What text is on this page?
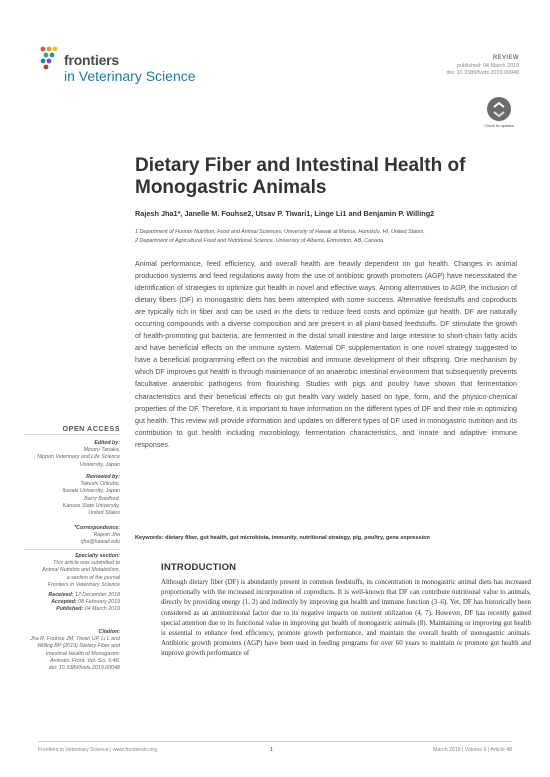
frontiers
in Veterinary Science
REVIEW
published: 04 March 2019
doi: 10.3389/fvets.2019.00048
Check for updates
Dietary Fiber and Intestinal Health of Monogastric Animals
Rajesh Jha1*, Janelle M. Fouhse2, Utsav P. Tiwari1, Linge Li1 and Benjamin P. Willing2
1 Department of Human Nutrition, Food and Animal Sciences, University of Hawaii at Manoa, Honolulu, HI, United States,
2 Department of Agricultural Food and Nutritional Science, University of Alberta, Edmonton, AB, Canada

Animal performance, feed efficiency, and overall health are heavily dependent on gut health. Changes in animal production systems and feed regulations away from the use of antibiotic growth promoters (AGP) have necessitated the identification of strategies to optimize gut health in novel and effective ways. Among alternatives to AGP, the inclusion of dietary fibers (DF) in monogastric diets has been attempted with some success. Alternative feedstuffs and coproducts are typically rich in fiber and can be used in the diets to reduce feed costs and optimize gut health. DF are naturally occurring compounds with a diverse composition and are present in all plant-based feedstuffs. DF stimulate the growth of health-promoting gut bacteria, are fermented in the distal small intestine and large intestine to short-chain fatty acids and have beneficial effects on the immune system. Maternal DF supplementation is one novel strategy suggested to have a beneficial programming effect on the microbial and immune development of their offspring. One mechanism by which DF improves gut health is through maintenance of an anaerobic intestinal environment that subsequently prevents facultative anaerobic pathogens from flourishing. Studies with pigs and poultry have shown that fermentation characteristics and their beneficial effects on gut health vary widely based on type, form, and the physico-chemical properties of the DF. Therefore, it is important to have information on the different types of DF and their role in optimizing gut health. This review will provide information and updates on different types of DF used in monogastric nutrition and its contribution to gut health including microbiology, fermentation characteristics, and innate and adaptive immune responses.

Keywords: dietary fiber, gut health, gut microbiota, immunity, nutritional strategy, pig, poultry, gene expression
OPEN ACCESS
Edited by:
Minoru Tanaka,
Nippon Veterinary and Life Science
University, Japan
Reviewed by:
Takeshi Ohkubo,
Ibaraki University, Japan
Barry Bradford,
Kansas State University,
United States
*Correspondence:
Rajesh Jha
rjha@hawaii.edu
Specialty section:
This article was submitted to
Animal Nutrition and Metabolism,
a section of the journal
Frontiers in Veterinary Science
Received: 17 December 2018
Accepted: 08 February 2019
Published: 04 March 2019
Citation:
Jha R, Fouhse JM, Tiwari UP, Li L and
Willing BP (2019) Dietary Fiber and
Intestinal Health of Monogastric
Animals. Front. Vet. Sci. 6:48.
doi: 10.3389/fvets.2019.00048
INTRODUCTION

Although dietary fiber (DF) is abundantly present in common feedstuffs, its concentration in monogastric animal diets has increased proportionally with the increased incorporation of coproducts. It is well-known that DF can contribute nutritional value to animals, directly by providing energy (1, 2) and indirectly by improving gut health and immune function (3–6). Yet, DF has historically been considered as an antinutritional factor due to its negative impacts on nutrient utilization (4, 7). However, DF has recently gained special attention due to its functional value in improving gut health of monogastric animals (8). Maintaining or improving gut health is essential to enhance feed efficiency, promote growth performance, and maintain the overall health of monogastric animals. Antibiotic growth promoters (AGP) have been used in feeding programs for over 60 years to maintain or promote gut health and improve growth performance of

Frontiers in Veterinary Science | www.frontiersin.org	1	March 2019 | Volume 6 | Article 48
